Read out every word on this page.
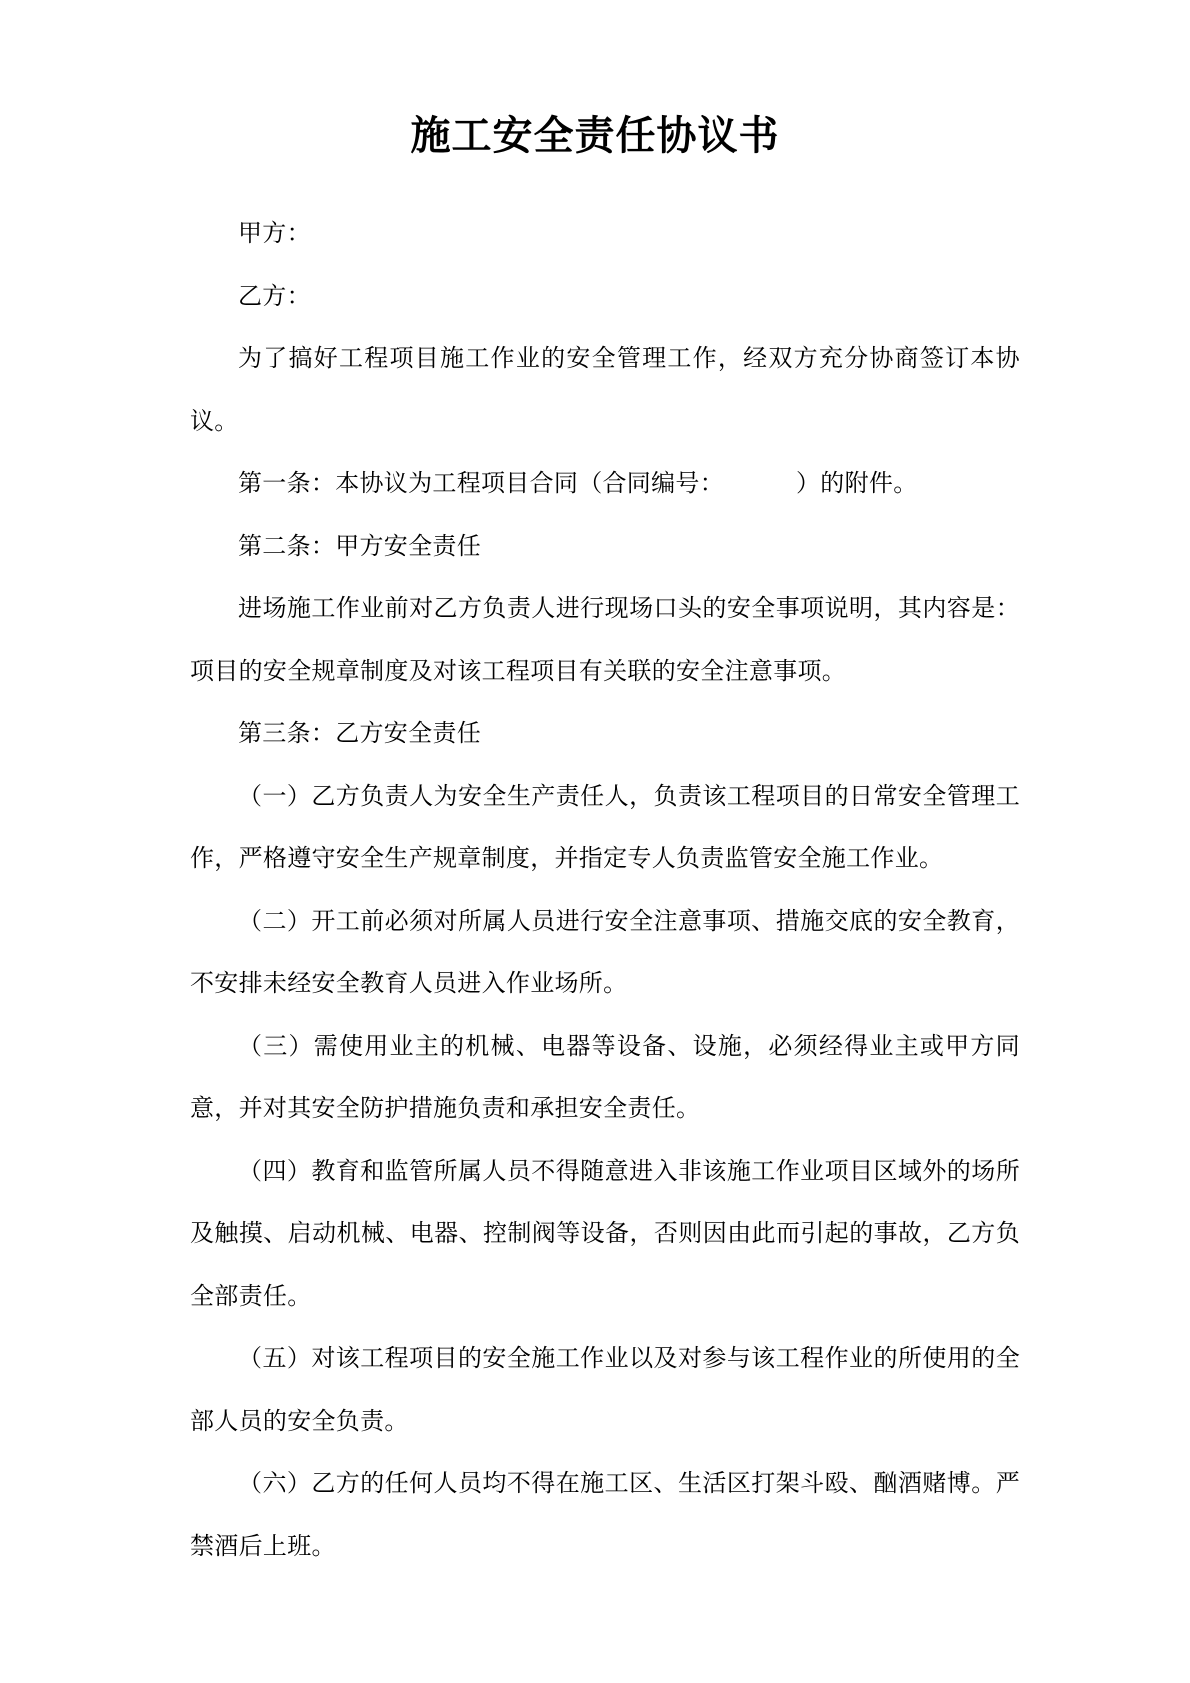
施工安全责任协议书

甲方：

乙方：

为了搞好工程项目施工作业的安全管理工作，经双方充分协商签订本协议。

第一条：本协议为工程项目合同（合同编号：	）的附件。

第二条：甲方安全责任

进场施工作业前对乙方负责人进行现场口头的安全事项说明，其内容是：项目的安全规章制度及对该工程项目有关联的安全注意事项。

第三条：乙方安全责任

（一）乙方负责人为安全生产责任人，负责该工程项目的日常安全管理工作，严格遵守安全生产规章制度，并指定专人负责监管安全施工作业。

（二）开工前必须对所属人员进行安全注意事项、措施交底的安全教育，不安排未经安全教育人员进入作业场所。

（三）需使用业主的机械、电器等设备、设施，必须经得业主或甲方同意，并对其安全防护措施负责和承担安全责任。

（四）教育和监管所属人员不得随意进入非该施工作业项目区域外的场所及触摸、启动机械、电器、控制阀等设备，否则因由此而引起的事故，乙方负全部责任。

（五）对该工程项目的安全施工作业以及对参与该工程作业的所使用的全部人员的安全负责。

（六）乙方的任何人员均不得在施工区、生活区打架斗殴、酗酒赌博。严禁酒后上班。
